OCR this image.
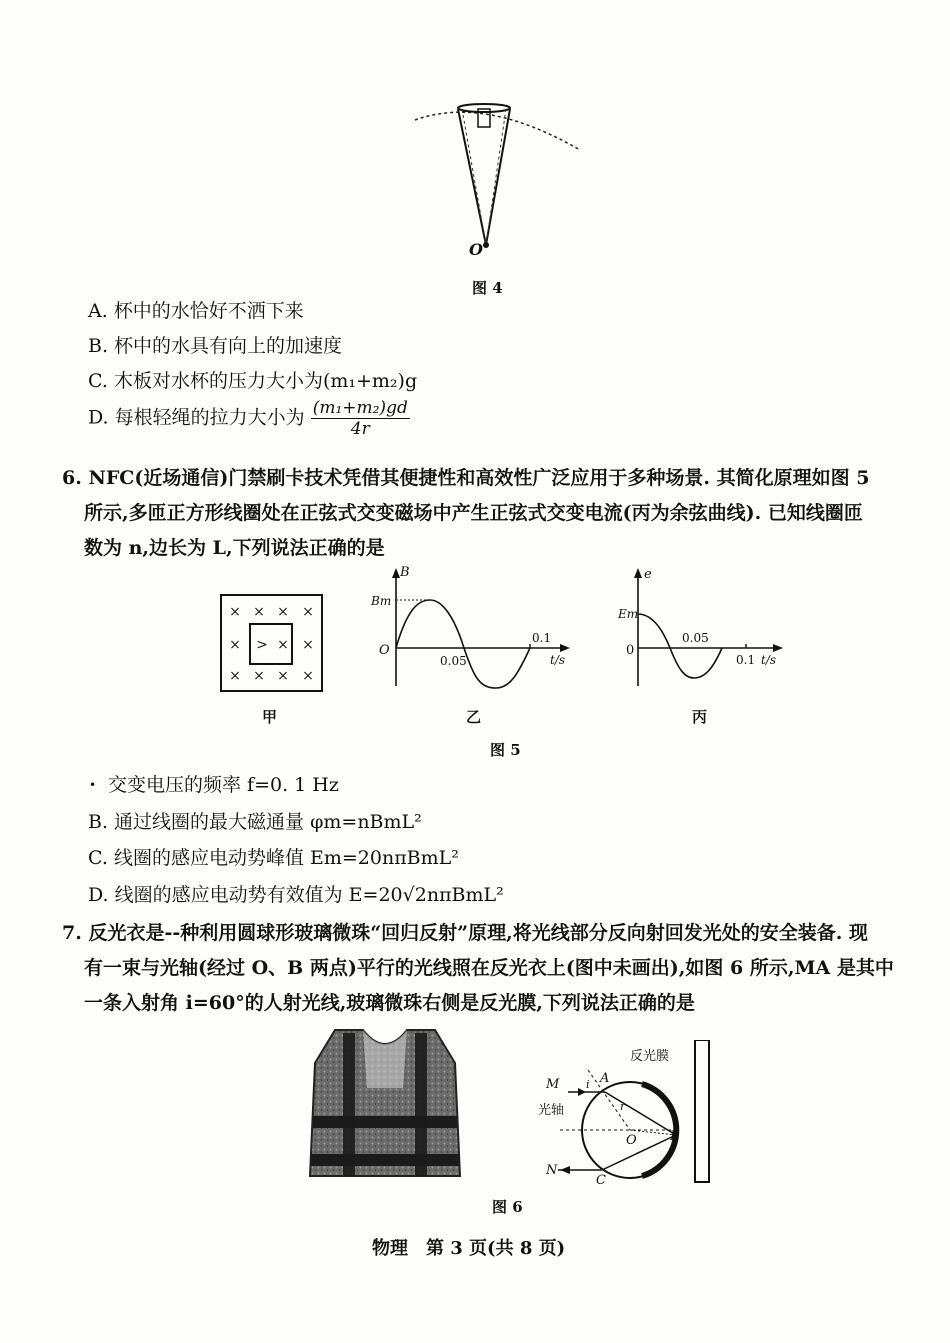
O
图 4
A. 杯中的水恰好不洒下来
B. 杯中的水具有向上的加速度
C. 木板对水杯的压力大小为(m₁+m₂)g
D. 每根轻绳的拉力大小为 $\frac{\text{(m₁+m₂)gd}}{4r}$
6. NFC(近场通信)门禁刷卡技术凭借其便捷性和高效性广泛应用于多种场景. 其简化原理如图 5
所示,多匝正方形线圈处在正弦式交变磁场中产生正弦式交变电流(丙为余弦曲线). 已知线圈匝
数为 n,边长为 L,下列说法正确的是
× × × ×
× > × ×
× × × ×
甲
B
Bm
O
0.05
0.1
t/s
乙
e
Em
0
0.05
0.1 t/s
丙
图 5
• 交变电压的频率 f=0. 1 Hz
B. 通过线圈的最大磁通量 φm=nBmL²
C. 线圈的感应电动势峰值 Em=20nπBmL²
D. 线圈的感应电动势有效值为 E=20√2nπBmL²
7. 反光衣是--种利用圆球形玻璃微珠“回归反射”原理,将光线部分反向射回发光处的安全装备. 现
有一束与光轴(经过 O、B 两点)平行的光线照在反光衣上(图中未画出),如图 6 所示,MA 是其中
一条入射角 i=60°的人射光线,玻璃微珠右侧是反光膜,下列说法正确的是
反光膜
M i A
r
光轴
O	B
N
C
图 6
物理　第 3 页(共 8 页)
